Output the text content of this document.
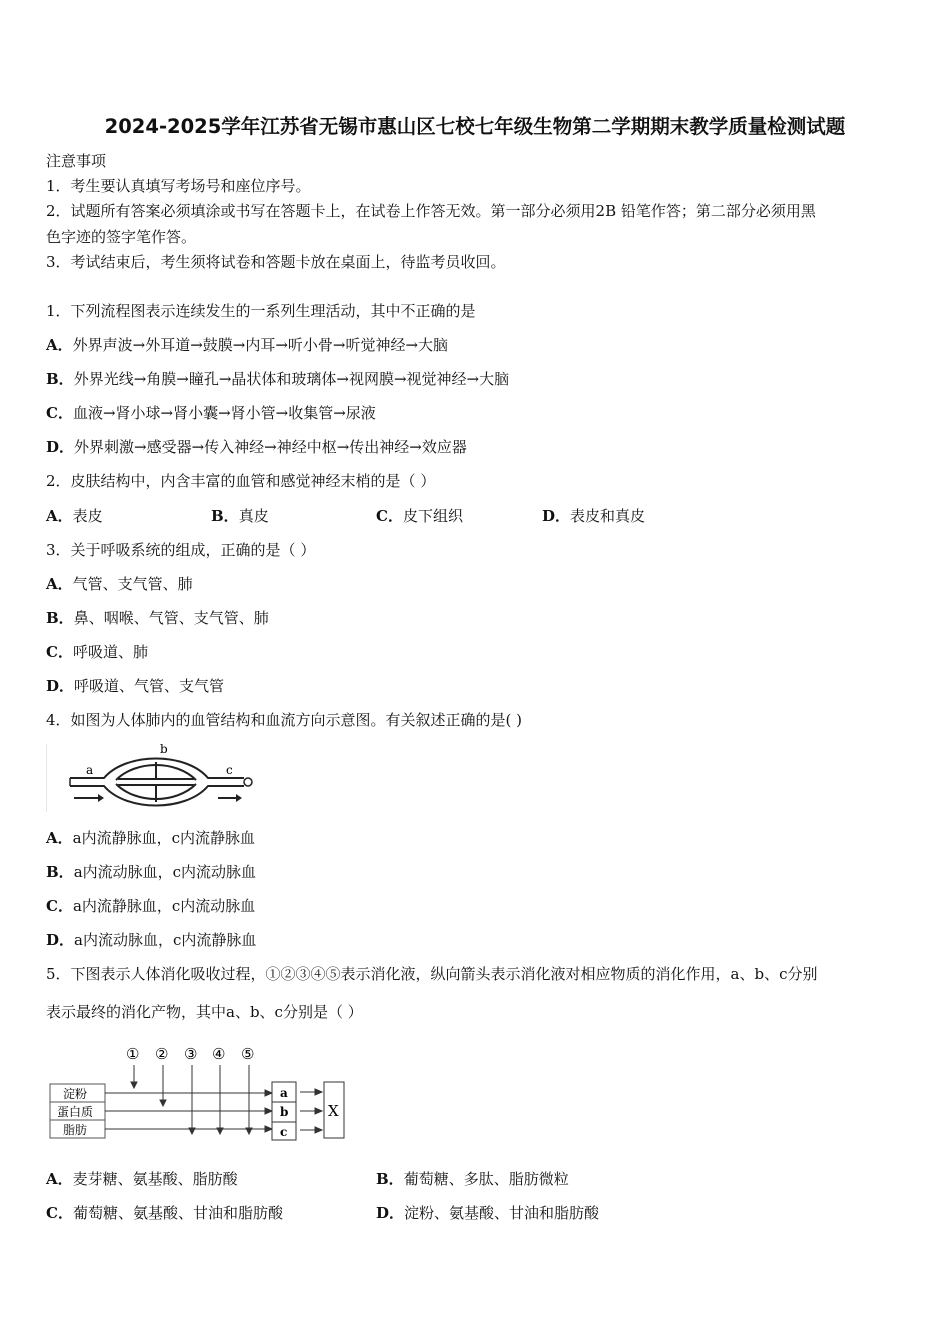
2024-2025学年江苏省无锡市惠山区七校七年级生物第二学期期末教学质量检测试题
注意事项
1．考生要认真填写考场号和座位序号。
2．试题所有答案必须填涂或书写在答题卡上，在试卷上作答无效。第一部分必须用2B 铅笔作答；第二部分必须用黑
色字迹的签字笔作答。
3．考试结束后，考生须将试卷和答题卡放在桌面上，待监考员收回。
1．下列流程图表示连续发生的一系列生理活动，其中不正确的是
A．外界声波→外耳道→鼓膜→内耳→听小骨→听觉神经→大脑
B．外界光线→角膜→瞳孔→晶状体和玻璃体→视网膜→视觉神经→大脑
C．血液→肾小球→肾小囊→肾小管→收集管→尿液
D．外界刺激→感受器→传入神经→神经中枢→传出神经→效应器
2．皮肤结构中，内含丰富的血管和感觉神经末梢的是（ ）
A．表皮	B．真皮	C．皮下组织	D．表皮和真皮
3．关于呼吸系统的组成，正确的是（ ）
A．气管、支气管、肺
B．鼻、咽喉、气管、支气管、肺
C．呼吸道、肺
D．呼吸道、气管、支气管
4．如图为人体肺内的血管结构和血流方向示意图。有关叙述正确的是( )
a
b
c
A．a内流静脉血，c内流静脉血
B．a内流动脉血，c内流动脉血
C．a内流静脉血，c内流动脉血
D．a内流动脉血，c内流静脉血
5．下图表示人体消化吸收过程，①②③④⑤表示消化液，纵向箭头表示消化液对相应物质的消化作用，a、b、c分别
表示最终的消化产物，其中a、b、c分别是（ ）
① ② ③ ④ ⑤
淀粉
蛋白质
脂肪
a
b
c
X
A．麦芽糖、氨基酸、脂肪酸	B．葡萄糖、多肽、脂肪微粒
C．葡萄糖、氨基酸、甘油和脂肪酸	D．淀粉、氨基酸、甘油和脂肪酸
